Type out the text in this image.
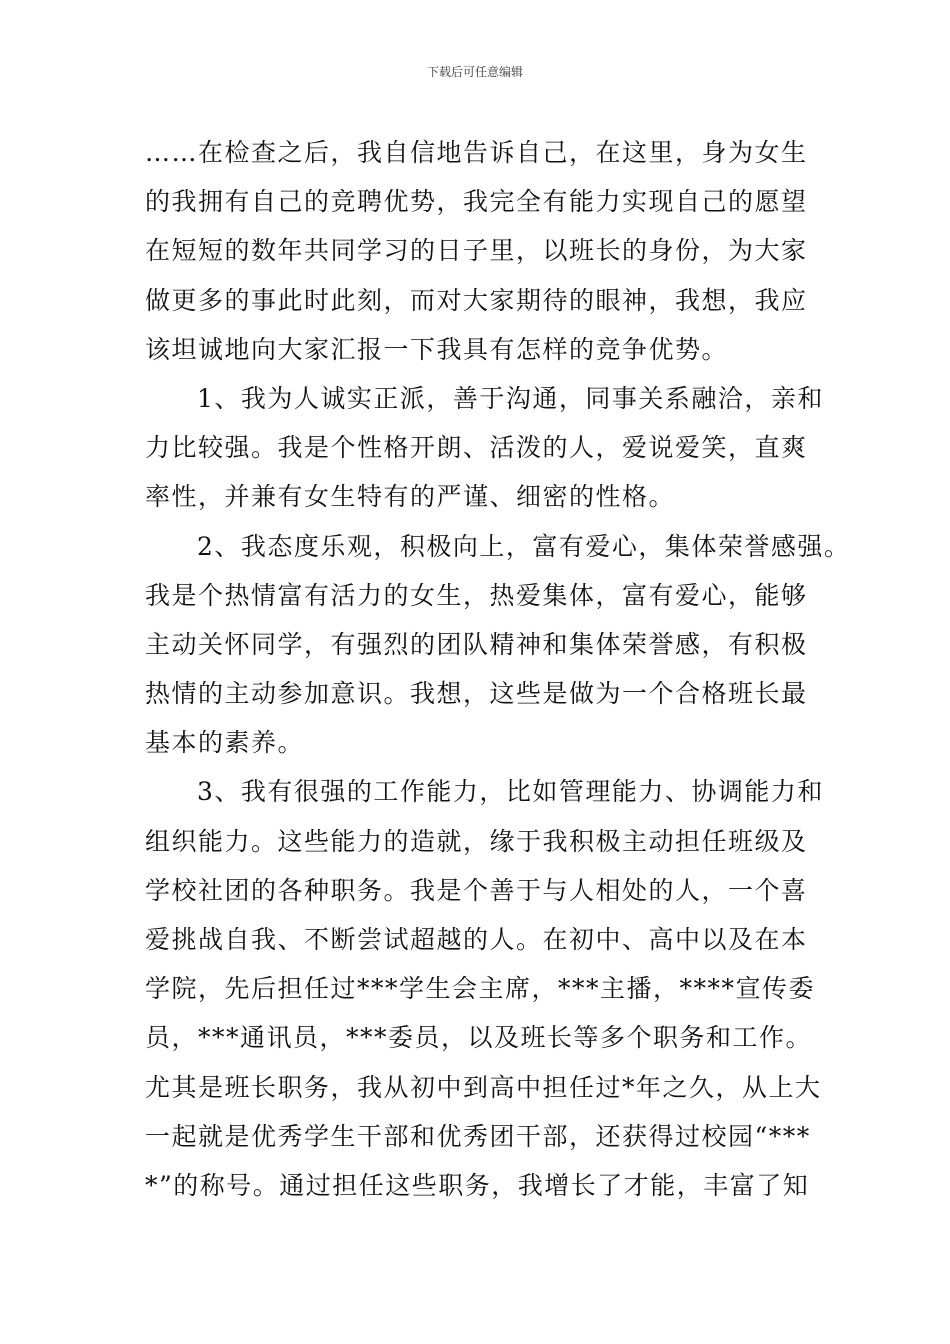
下载后可任意编辑
……在检查之后，我自信地告诉自己，在这里，身为女生
的我拥有自己的竞聘优势，我完全有能力实现自己的愿望
在短短的数年共同学习的日子里，以班长的身份，为大家
做更多的事此时此刻，而对大家期待的眼神，我想，我应
该坦诚地向大家汇报一下我具有怎样的竞争优势。
1、我为人诚实正派，善于沟通，同事关系融洽，亲和
力比较强。我是个性格开朗、活泼的人，爱说爱笑，直爽
率性，并兼有女生特有的严谨、细密的性格。
2、我态度乐观，积极向上，富有爱心，集体荣誉感强。
我是个热情富有活力的女生，热爱集体，富有爱心，能够
主动关怀同学，有强烈的团队精神和集体荣誉感，有积极
热情的主动参加意识。我想，这些是做为一个合格班长最
基本的素养。
3、我有很强的工作能力，比如管理能力、协调能力和
组织能力。这些能力的造就，缘于我积极主动担任班级及
学校社团的各种职务。我是个善于与人相处的人，一个喜
爱挑战自我、不断尝试超越的人。在初中、高中以及在本
学院，先后担任过***学生会主席，***主播，****宣传委
员，***通讯员，***委员，以及班长等多个职务和工作。
尤其是班长职务，我从初中到高中担任过*年之久，从上大
一起就是优秀学生干部和优秀团干部，还获得过校园“***
*”的称号。通过担任这些职务，我增长了才能，丰富了知
